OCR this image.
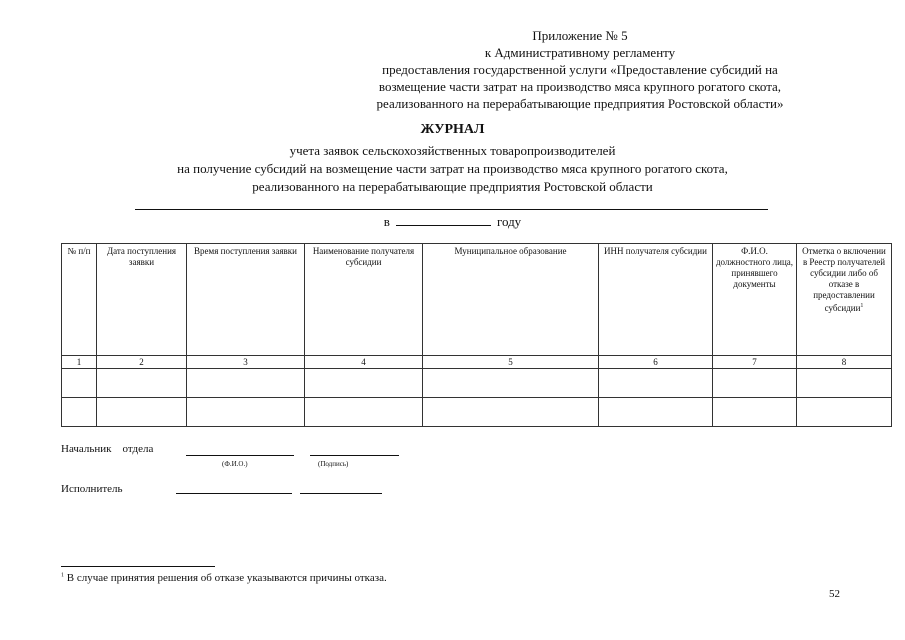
Приложение № 5
к Административному регламенту
предоставления государственной услуги «Предоставление субсидий на
возмещение части затрат на производство мяса крупного рогатого скота,
реализованного на перерабатывающие предприятия Ростовской области»
ЖУРНАЛ
учета заявок сельскохозяйственных товаропроизводителей
на получение субсидий на возмещение части затрат на производство мяса крупного рогатого скота,
реализованного на перерабатывающие предприятия Ростовской области
в	году
№ п/п	Дата поступления заявки	Время поступления заявки	Наименование получателя субсидии	Муниципальное образование	ИНН получателя субсидии	Ф.И.О. должностного лица, принявшего документы	Отметка о включении в Реестр получателей субсидии либо об отказе в предоставлении субсидии$^1$
1	2	3	4	5	6	7	8

Начальник    отдела
(Ф.И.О.)	(Подпись)
Исполнитель
$^1$ В случае принятия решения об отказе указываются причины отказа.
52
